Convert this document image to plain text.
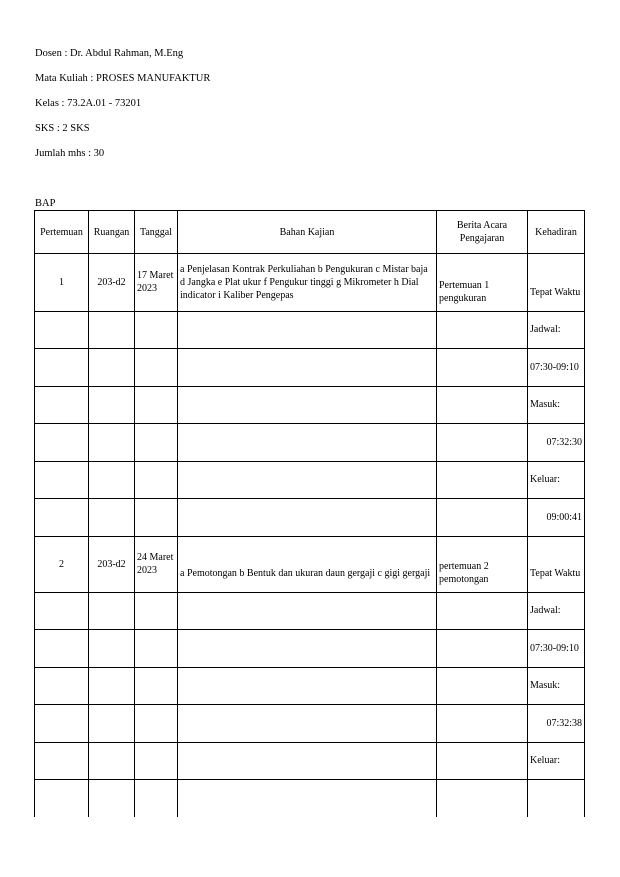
Dosen : Dr. Abdul Rahman, M.Eng

Mata Kuliah : PROSES MANUFAKTUR

Kelas : 73.2A.01 - 73201

SKS : 2 SKS

Jumlah mhs : 30

BAP
Pertemuan	Ruangan	Tanggal	Bahan Kajian	Berita Acara Pengajaran	Kehadiran
1	203-d2	17 Maret 2023	a Penjelasan Kontrak Perkuliahan b Pengukuran c Mistar baja d Jangka e Plat ukur f Pengukur tinggi g Mikrometer h Dial indicator i Kaliber Pengepas	Pertemuan 1 pengukuran	Tepat Waktu
					Jadwal:
					07:30-09:10
					Masuk:
					07:32:30
					Keluar:
					09:00:41
2	203-d2	24 Maret 2023	a Pemotongan b Bentuk dan ukuran daun gergaji c gigi gergaji	pertemuan 2 pemotongan	Tepat Waktu
					Jadwal:
					07:30-09:10
					Masuk:
					07:32:38
					Keluar:
